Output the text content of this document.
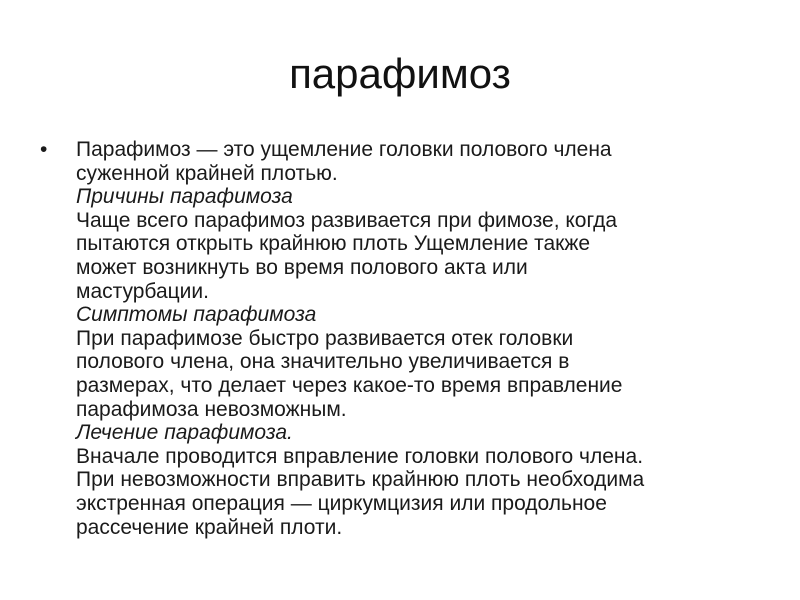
парафимоз
• Парафимоз — это ущемление головки полового члена
суженной крайней плотью.
Причины парафимоза
Чаще всего парафимоз развивается при фимозе, когда
пытаются открыть крайнюю плоть Ущемление также
может возникнуть во время полового акта или
мастурбации.
Симптомы парафимоза
При парафимозе быстро развивается отек головки
полового члена, она значительно увеличивается в
размерах, что делает через какое-то время вправление
парафимоза невозможным.
Лечение парафимоза.
Вначале проводится вправление головки полового члена.
При невозможности вправить крайнюю плоть необходима
экстренная операция — циркумцизия или продольное
рассечение крайней плоти.
